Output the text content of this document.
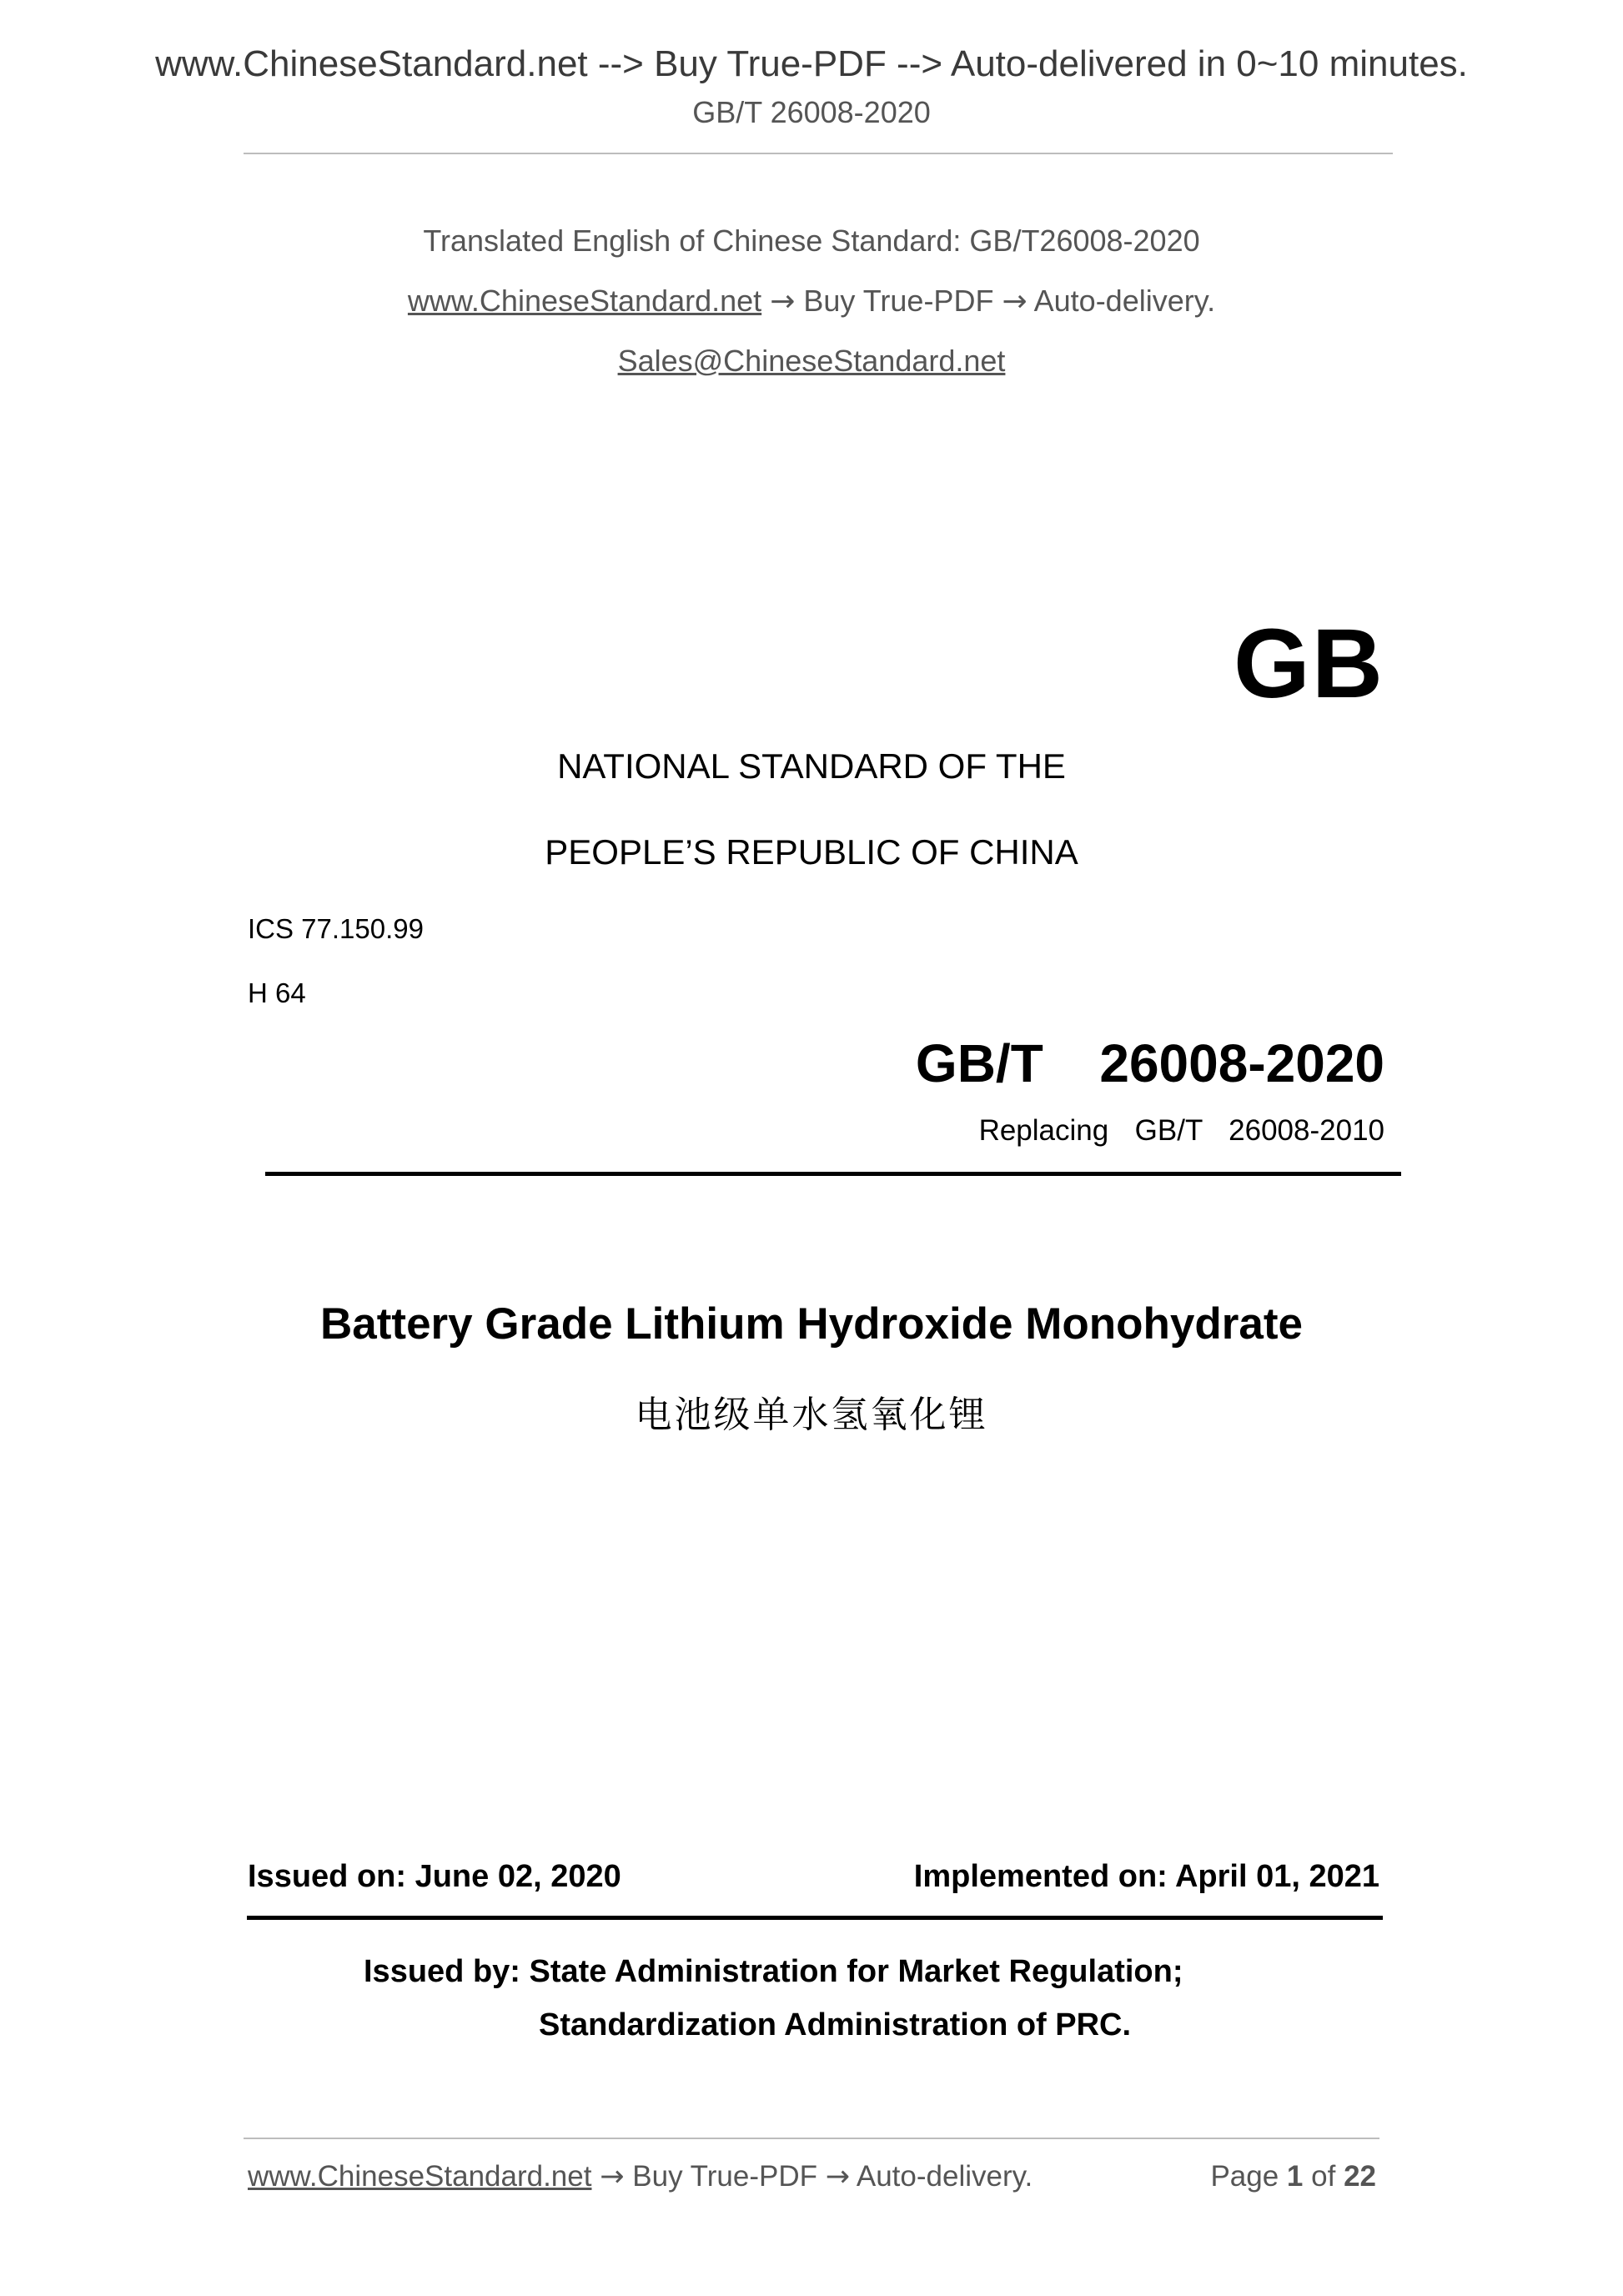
www.ChineseStandard.net --> Buy True-PDF --> Auto-delivered in 0~10 minutes.
GB/T 26008-2020
Translated English of Chinese Standard: GB/T26008-2020
www.ChineseStandard.net → Buy True-PDF → Auto-delivery.
Sales@ChineseStandard.net
GB
NATIONAL STANDARD OF THE
PEOPLE’S REPUBLIC OF CHINA
ICS 77.150.99
H 64
GB/T  26008-2020
Replacing  GB/T  26008-2010
Battery Grade Lithium Hydroxide Monohydrate
电池级单水氢氧化锂
Issued on: June 02, 2020	Implemented on: April 01, 2021
Issued by: State Administration for Market Regulation;
Standardization Administration of PRC.
www.ChineseStandard.net → Buy True-PDF → Auto-delivery.	Page 1 of 22
